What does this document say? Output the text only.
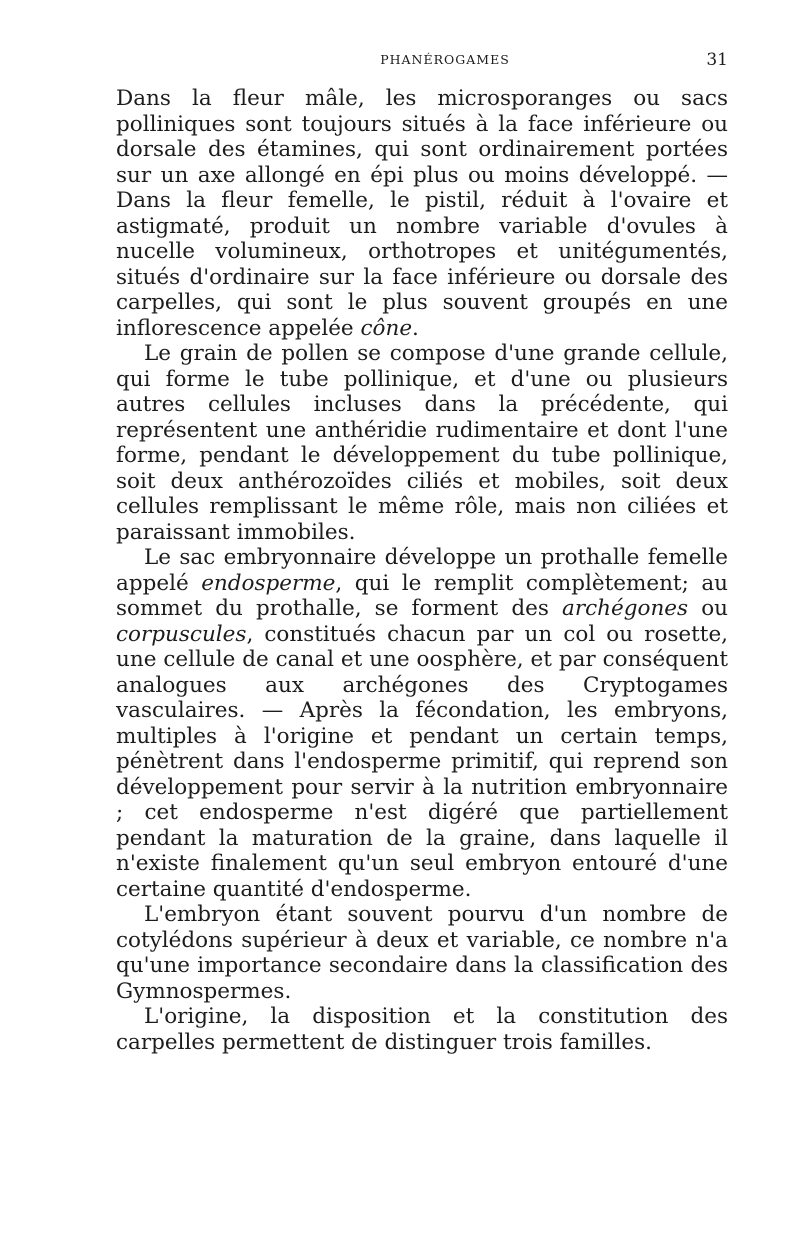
PHANÉROGAMES	31

Dans la fleur mâle, les microsporanges ou sacs polliniques sont toujours situés à la face inférieure ou dorsale des étamines, qui sont ordinairement portées sur un axe allongé en épi plus ou moins développé. — Dans la fleur femelle, le pistil, réduit à l'ovaire et astigmaté, produit un nombre variable d'ovules à nucelle volumineux, orthotropes et unitégumentés, situés d'ordinaire sur la face inférieure ou dorsale des carpelles, qui sont le plus souvent groupés en une inflorescence appelée cône.

Le grain de pollen se compose d'une grande cellule, qui forme le tube pollinique, et d'une ou plusieurs autres cellules incluses dans la précédente, qui représentent une anthéridie rudimentaire et dont l'une forme, pendant le développement du tube pollinique, soit deux anthérozoïdes ciliés et mobiles, soit deux cellules remplissant le même rôle, mais non ciliées et paraissant immobiles.

Le sac embryonnaire développe un prothalle femelle appelé endosperme, qui le remplit complètement; au sommet du prothalle, se forment des archégones ou corpuscules, constitués chacun par un col ou rosette, une cellule de canal et une oosphère, et par conséquent analogues aux archégones des Cryptogames vasculaires. — Après la fécondation, les embryons, multiples à l'origine et pendant un certain temps, pénètrent dans l'endosperme primitif, qui reprend son développement pour servir à la nutrition embryonnaire ; cet endosperme n'est digéré que partiellement pendant la maturation de la graine, dans laquelle il n'existe finalement qu'un seul embryon entouré d'une certaine quantité d'endosperme.

L'embryon étant souvent pourvu d'un nombre de cotylédons supérieur à deux et variable, ce nombre n'a qu'une importance secondaire dans la classification des Gymnospermes.

L'origine, la disposition et la constitution des carpelles permettent de distinguer trois familles.
